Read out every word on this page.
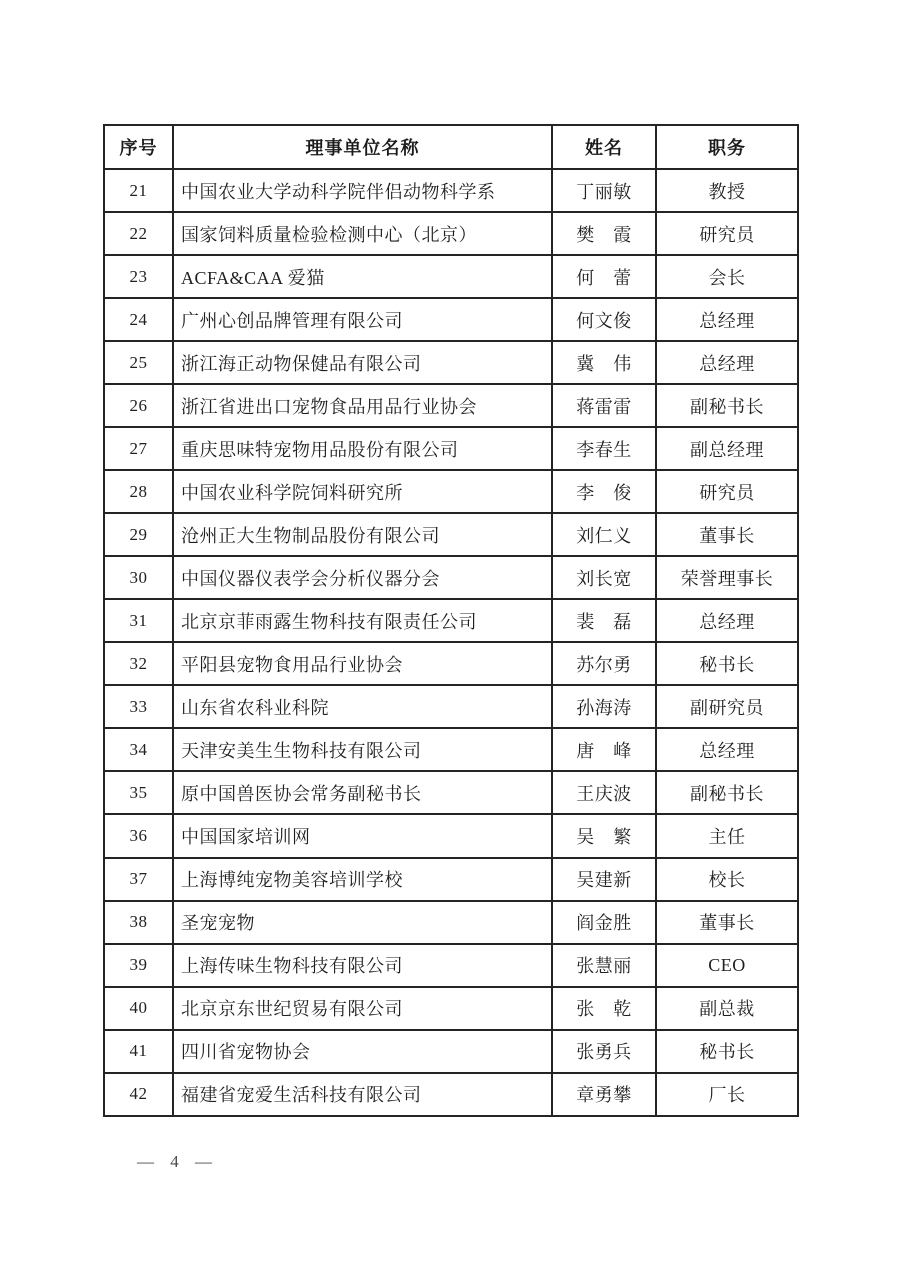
序号	理事单位名称	姓名	职务
21	中国农业大学动科学院伴侣动物科学系	丁丽敏	教授
22	国家饲料质量检验检测中心（北京）	樊　霞	研究员
23	ACFA&CAA 爱猫	何　蕾	会长
24	广州心创品牌管理有限公司	何文俊	总经理
25	浙江海正动物保健品有限公司	冀　伟	总经理
26	浙江省进出口宠物食品用品行业协会	蒋雷雷	副秘书长
27	重庆思味特宠物用品股份有限公司	李春生	副总经理
28	中国农业科学院饲料研究所	李　俊	研究员
29	沧州正大生物制品股份有限公司	刘仁义	董事长
30	中国仪器仪表学会分析仪器分会	刘长宽	荣誉理事长
31	北京京菲雨露生物科技有限责任公司	裴　磊	总经理
32	平阳县宠物食用品行业协会	苏尔勇	秘书长
33	山东省农科业科院	孙海涛	副研究员
34	天津安美生生物科技有限公司	唐　峰	总经理
35	原中国兽医协会常务副秘书长	王庆波	副秘书长
36	中国国家培训网	吴　繁	主任
37	上海博纯宠物美容培训学校	吴建新	校长
38	圣宠宠物	阎金胜	董事长
39	上海传味生物科技有限公司	张慧丽	CEO
40	北京京东世纪贸易有限公司	张　乾	副总裁
41	四川省宠物协会	张勇兵	秘书长
42	福建省宠爱生活科技有限公司	章勇攀	厂长
— 4 —
